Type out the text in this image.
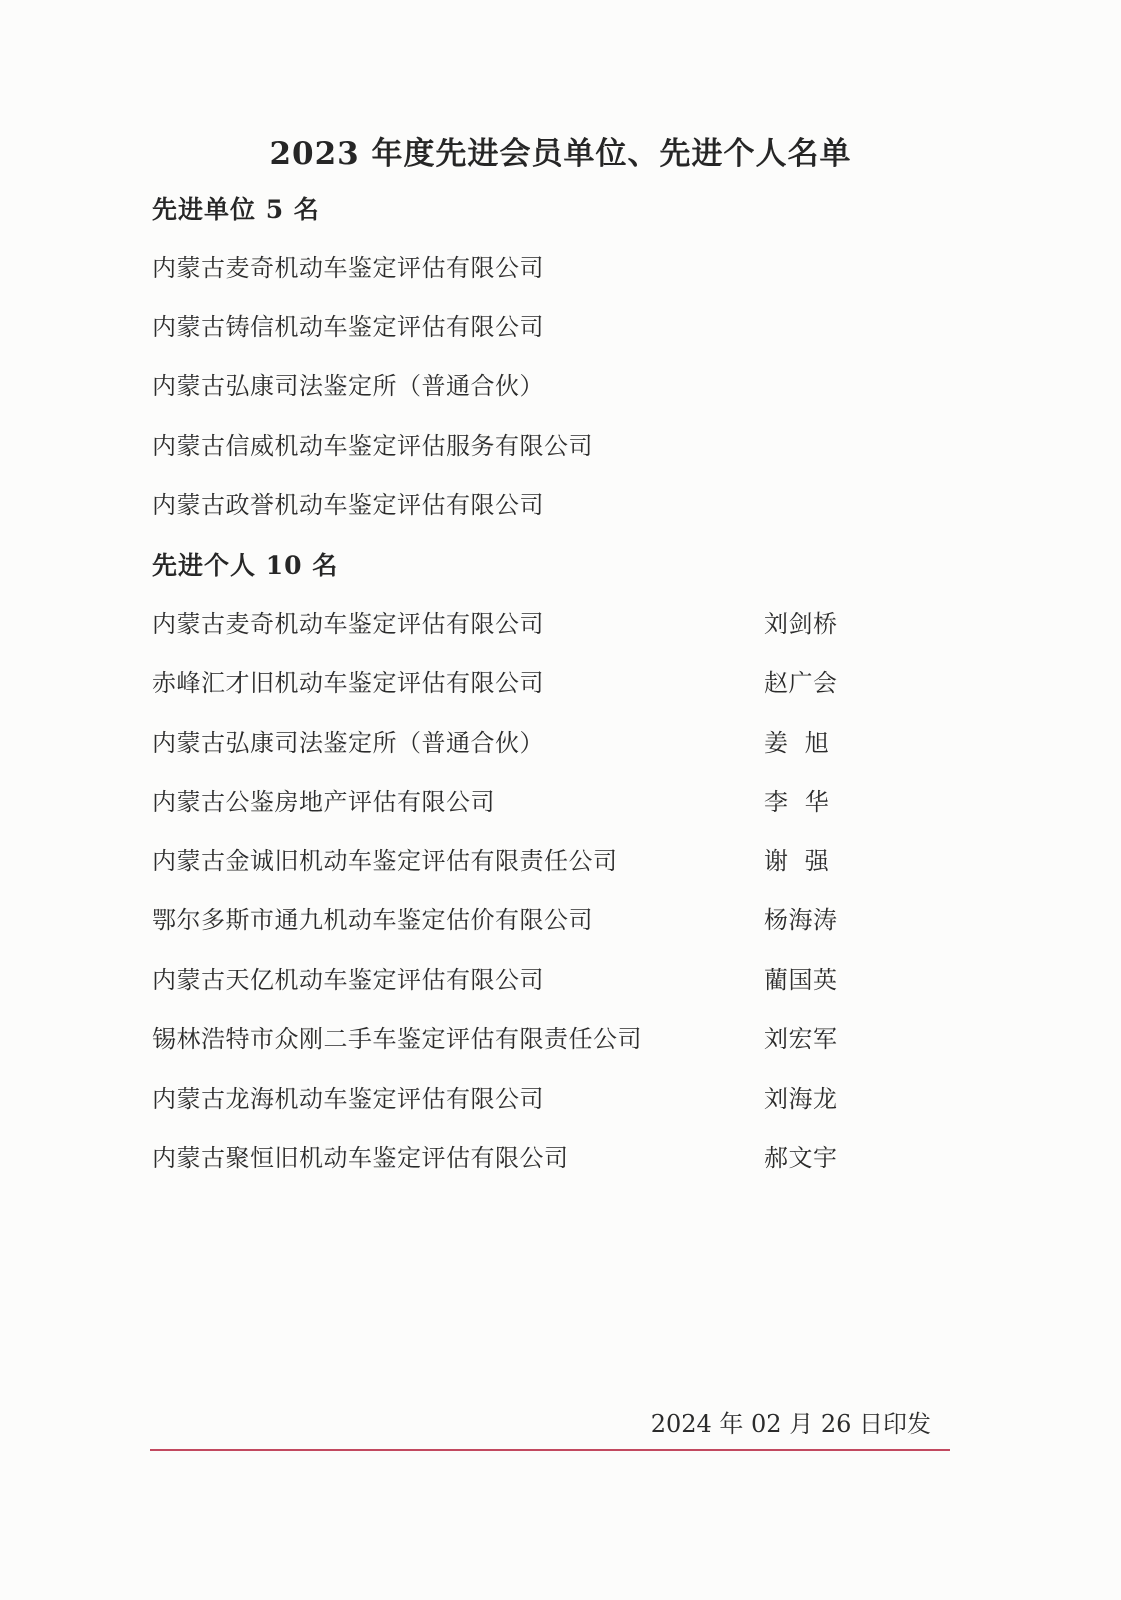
2023 年度先进会员单位、先进个人名单
先进单位 5 名
内蒙古麦奇机动车鉴定评估有限公司
内蒙古铸信机动车鉴定评估有限公司
内蒙古弘康司法鉴定所（普通合伙）
内蒙古信威机动车鉴定评估服务有限公司
内蒙古政誉机动车鉴定评估有限公司
先进个人 10 名
内蒙古麦奇机动车鉴定评估有限公司	刘剑桥
赤峰汇才旧机动车鉴定评估有限公司	赵广会
内蒙古弘康司法鉴定所（普通合伙）	姜  旭
内蒙古公鉴房地产评估有限公司	李  华
内蒙古金诚旧机动车鉴定评估有限责任公司	谢  强
鄂尔多斯市通九机动车鉴定估价有限公司	杨海涛
内蒙古天亿机动车鉴定评估有限公司	藺国英
锡林浩特市众刚二手车鉴定评估有限责任公司	刘宏军
内蒙古龙海机动车鉴定评估有限公司	刘海龙
内蒙古聚恒旧机动车鉴定评估有限公司	郝文宇
2024 年 02 月 26 日印发
